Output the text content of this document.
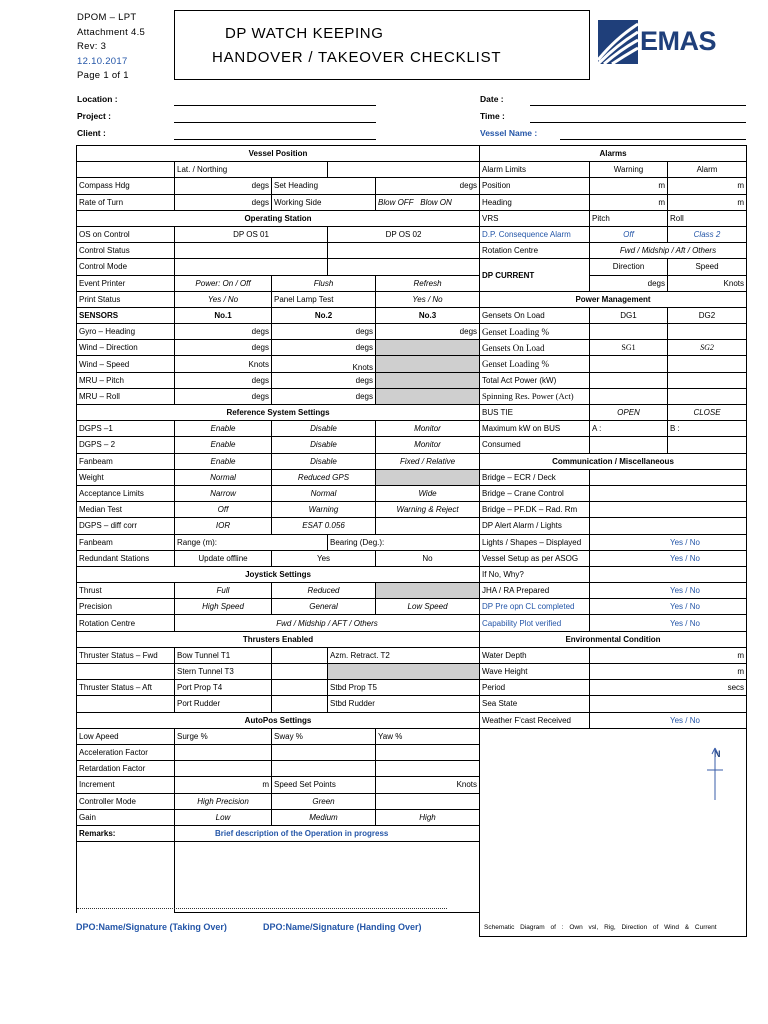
DPOM – LPT
Attachment 4.5
Rev: 3
12.10.2017
Page 1 of 1
DP WATCH KEEPING
HANDOVER / TAKEOVER CHECKLIST
EMAS
Location :
Project :
Client :
Date :
Time :
Vessel Name :
Vessel Position				
	Lat. / Northing			
Compass Hdg	degs	Set Heading		degs
Rate of Turn	degs	Working Side		Blow OFF Blow ON
Operating Station				
OS on Control	DP OS 01		DP OS 02	
Control Status				
Control Mode				
Event Printer	Power: On / Off	Flush		Refresh
Print Status	Yes / No	Panel Lamp Test		Yes / No
SENSORS	No.1	No.2		No.3
Gyro – Heading	degs	degs		degs
Wind – Direction	degs	degs		
Wind – Speed	Knots	Knots		
MRU – Pitch	degs	degs		
MRU – Roll	degs	degs		
Reference System Settings				
DGPS –1	Enable	Disable		Monitor
DGPS – 2	Enable	Disable		Monitor
Fanbeam	Enable	Disable		Fixed / Relative
Weight	Normal	Reduced GPS		
Acceptance Limits	Narrow	Normal		Wide
Median Test	Off	Warning		Warning & Reject
DGPS – diff corr	IOR	ESAT 0.056		
Fanbeam	Range (m):		Bearing (Deg.):	
Redundant Stations	Update offline	Yes		No
Joystick Settings				
Thrust	Full	Reduced		
Precision	High Speed	General		Low Speed
Rotation Centre	Fwd / Midship / AFT / Others			
Thrusters Enabled				
Thruster Status – Fwd	Bow Tunnel T1		Azm. Retract. T2	
	Stern Tunnel T3			
Thruster Status – Aft	Port Prop T4		Stbd Prop T5	
	Port Rudder		Stbd Rudder	
AutoPos Settings				
Low Apeed	Surge %	Sway %		Yaw %
Acceleration Factor				
Retardation Factor				
Increment	m	Speed Set Points		Knots
Controller Mode	High Precision	Green		
Gain	Low	Medium		High
Remarks:	Brief description of the Operation in progress			

Alarms		
Alarm Limits	Warning	Alarm
Position	m	m
Heading	m	m
VRS	Pitch	Roll
D.P. Consequence Alarm	Off	Class 2
Rotation Centre	Fwd / Midship / Aft / Others	
DP CURRENT	Direction	Speed
	degs	Knots
Power Management		
Gensets On Load	DG1	DG2
Genset Loading %		
Gensets On Load	SG1	SG2
Genset Loading %		
Total Act Power (kW)		
Spinning Res. Power (Act)		
BUS TIE	OPEN	CLOSE
Maximum kW on BUS	A :	B :
Consumed		
Communication / Miscellaneous		
Bridge – ECR / Deck		
Bridge – Crane Control		
Bridge – PF.DK – Rad. Rm		
DP Alert Alarm / Lights		
Lights / Shapes – Displayed	Yes / No	
Vessel Setup as per ASOG	Yes / No	
If No, Why?		
JHA / RA Prepared	Yes / No	
DP Pre opn CL completed	Yes / No	
Capability Plot verified	Yes / No	
Environmental Condition		
Water Depth	m	
Wave Height	m	
Period	secs	
Sea State		
Weather F'cast Received	Yes / No	
N
Schematic Diagram of : Own vsl, Rig, Direction of Wind & Current
DPO:Name/Signature (Taking Over)	DPO:Name/Signature (Handing Over)
